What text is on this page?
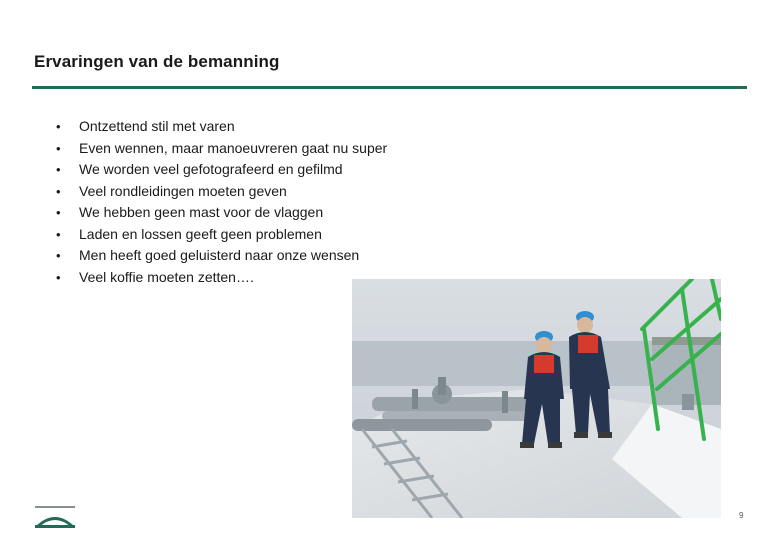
Ervaringen van de bemanning
• Ontzettend stil met varen
• Even wennen, maar manoeuvreren gaat nu super
• We worden veel gefotografeerd en gefilmd
• Veel rondleidingen moeten geven
• We hebben geen mast voor de vlaggen
• Laden en lossen geeft geen problemen
• Men heeft goed geluisterd naar onze wensen
• Veel koffie moeten zetten….
9
